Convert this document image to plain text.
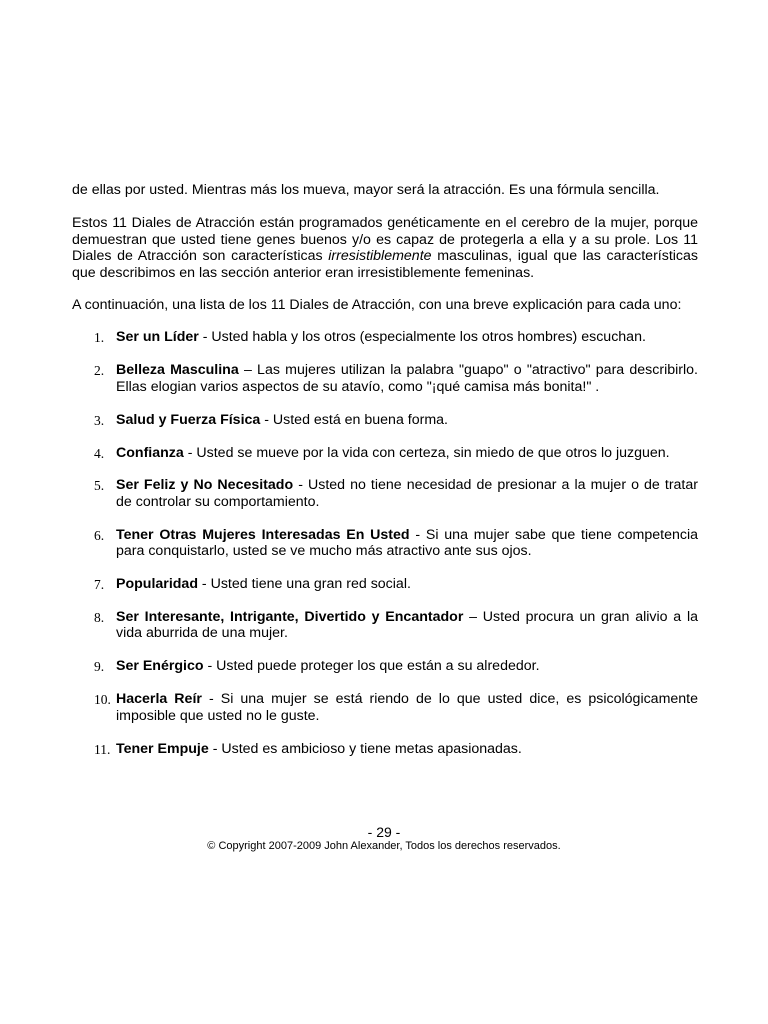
de ellas por usted. Mientras más los mueva, mayor será la atracción. Es una fórmula sencilla.

Estos 11 Diales de Atracción están programados genéticamente en el cerebro de la mujer, porque demuestran que usted tiene genes buenos y/o es capaz de protegerla a ella y a su prole. Los 11 Diales de Atracción son características irresistiblemente masculinas, igual que las características que describimos en las sección anterior eran irresistiblemente femeninas.

A continuación, una lista de los 11 Diales de Atracción, con una breve explicación para cada uno:

1. Ser un Líder - Usted habla y los otros (especialmente los otros hombres) escuchan.
2. Belleza Masculina – Las mujeres utilizan la palabra "guapo" o "atractivo" para describirlo. Ellas elogian varios aspectos de su atavío, como "¡qué camisa más bonita!" .
3. Salud y Fuerza Física - Usted está en buena forma.
4. Confianza - Usted se mueve por la vida con certeza, sin miedo de que otros lo juzguen.
5. Ser Feliz y No Necesitado - Usted no tiene necesidad de presionar a la mujer o de tratar de controlar su comportamiento.
6. Tener Otras Mujeres Interesadas En Usted - Si una mujer sabe que tiene competencia para conquistarlo, usted se ve mucho más atractivo ante sus ojos.
7. Popularidad - Usted tiene una gran red social.
8. Ser Interesante, Intrigante, Divertido y Encantador – Usted procura un gran alivio a la vida aburrida de una mujer.
9. Ser Enérgico - Usted puede proteger los que están a su alrededor.
10. Hacerla Reír - Si una mujer se está riendo de lo que usted dice, es psicológicamente imposible que usted no le guste.
11. Tener Empuje - Usted es ambicioso y tiene metas apasionadas.
- 29 -
© Copyright 2007-2009 John Alexander, Todos los derechos reservados.
